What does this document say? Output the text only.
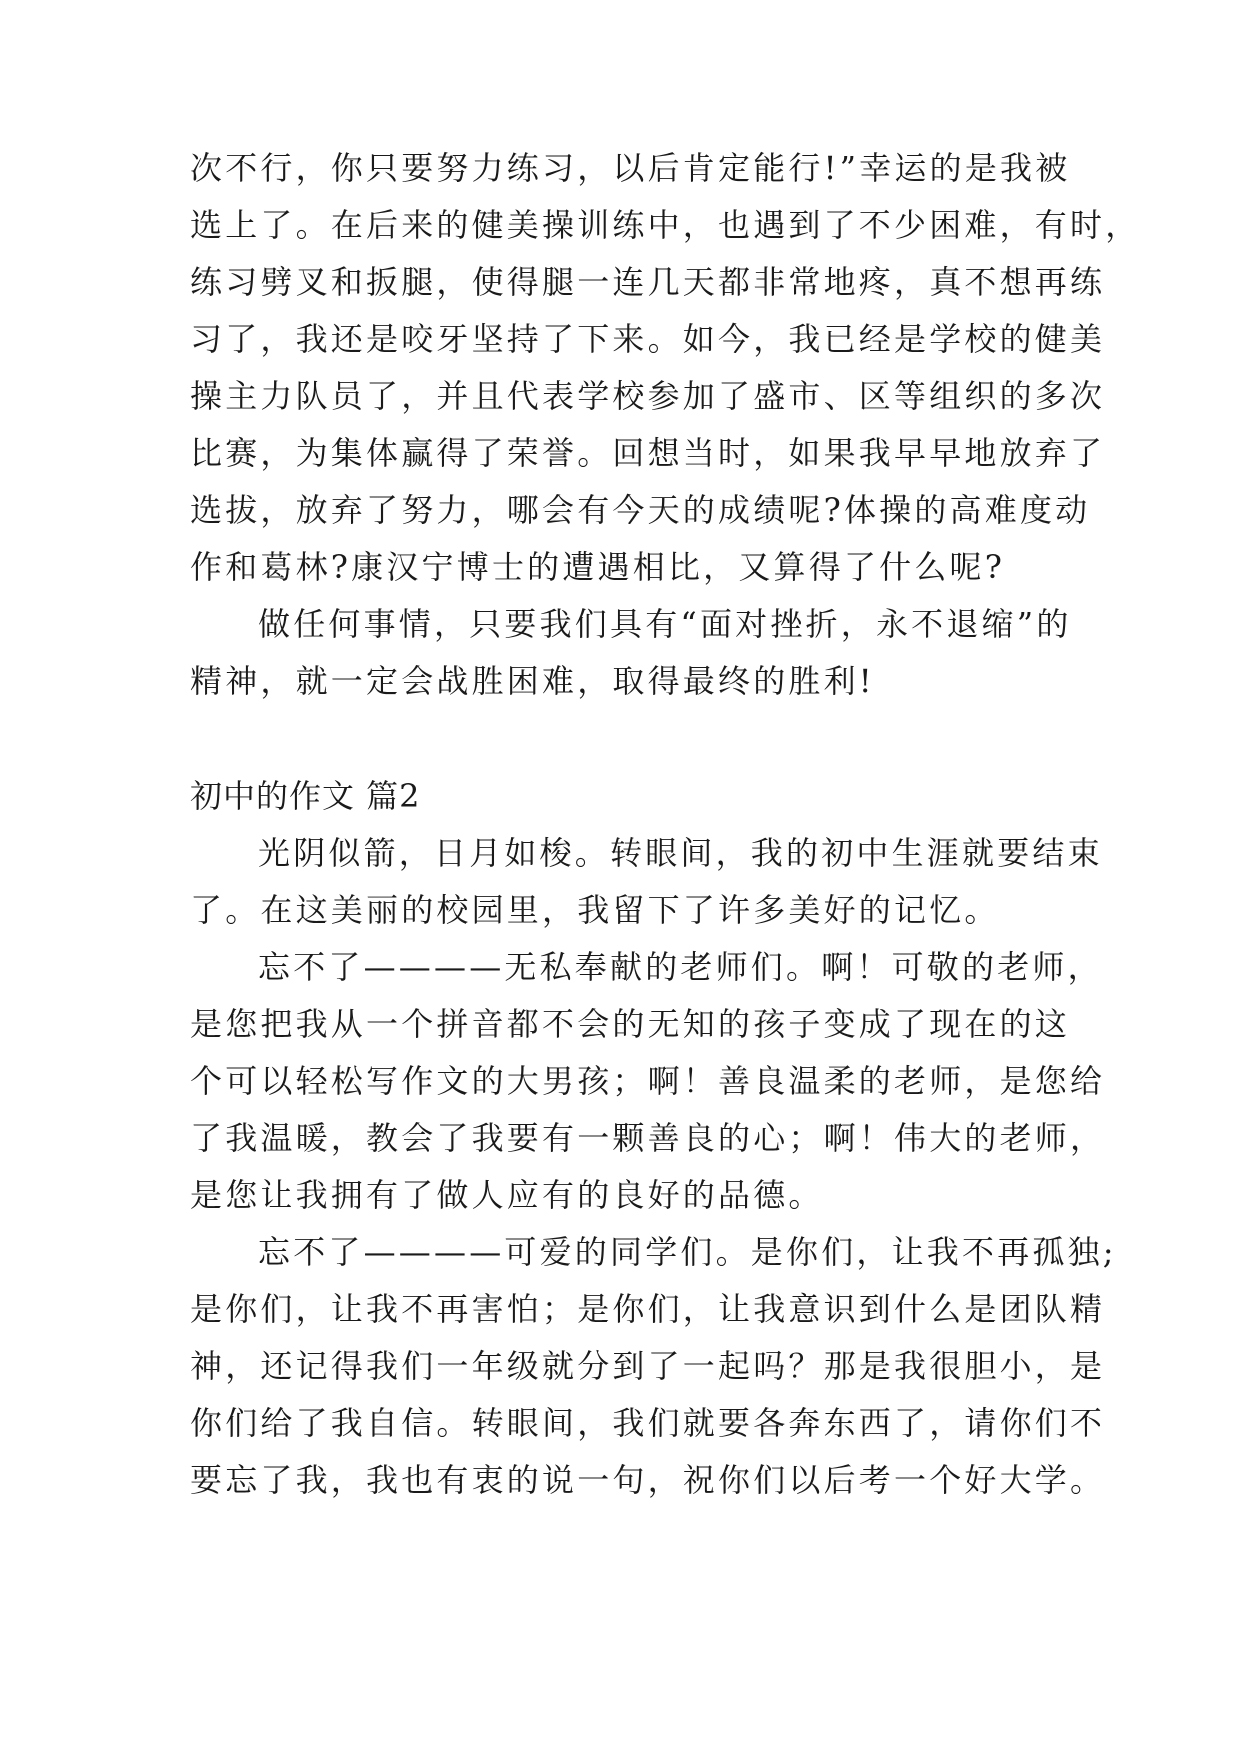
次不行，你只要努力练习，以后肯定能行!”幸运的是我被
选上了。在后来的健美操训练中，也遇到了不少困难，有时，
练习劈叉和扳腿，使得腿一连几天都非常地疼，真不想再练
习了，我还是咬牙坚持了下来。如今，我已经是学校的健美
操主力队员了，并且代表学校参加了盛市、区等组织的多次
比赛，为集体赢得了荣誉。回想当时，如果我早早地放弃了
选拔，放弃了努力，哪会有今天的成绩呢?体操的高难度动
作和葛林?康汉宁博士的遭遇相比，又算得了什么呢?
做任何事情，只要我们具有“面对挫折，永不退缩”的
精神，就一定会战胜困难，取得最终的胜利!
初中的作文 篇2
光阴似箭，日月如梭。转眼间，我的初中生涯就要结束
了。在这美丽的校园里，我留下了许多美好的记忆。
忘不了————无私奉献的老师们。啊！可敬的老师，
是您把我从一个拼音都不会的无知的孩子变成了现在的这
个可以轻松写作文的大男孩；啊！善良温柔的老师，是您给
了我温暖，教会了我要有一颗善良的心；啊！伟大的老师，
是您让我拥有了做人应有的良好的品德。
忘不了————可爱的同学们。是你们，让我不再孤独;
是你们，让我不再害怕；是你们，让我意识到什么是团队精
神，还记得我们一年级就分到了一起吗？那是我很胆小，是
你们给了我自信。转眼间，我们就要各奔东西了，请你们不
要忘了我，我也有衷的说一句，祝你们以后考一个好大学。
